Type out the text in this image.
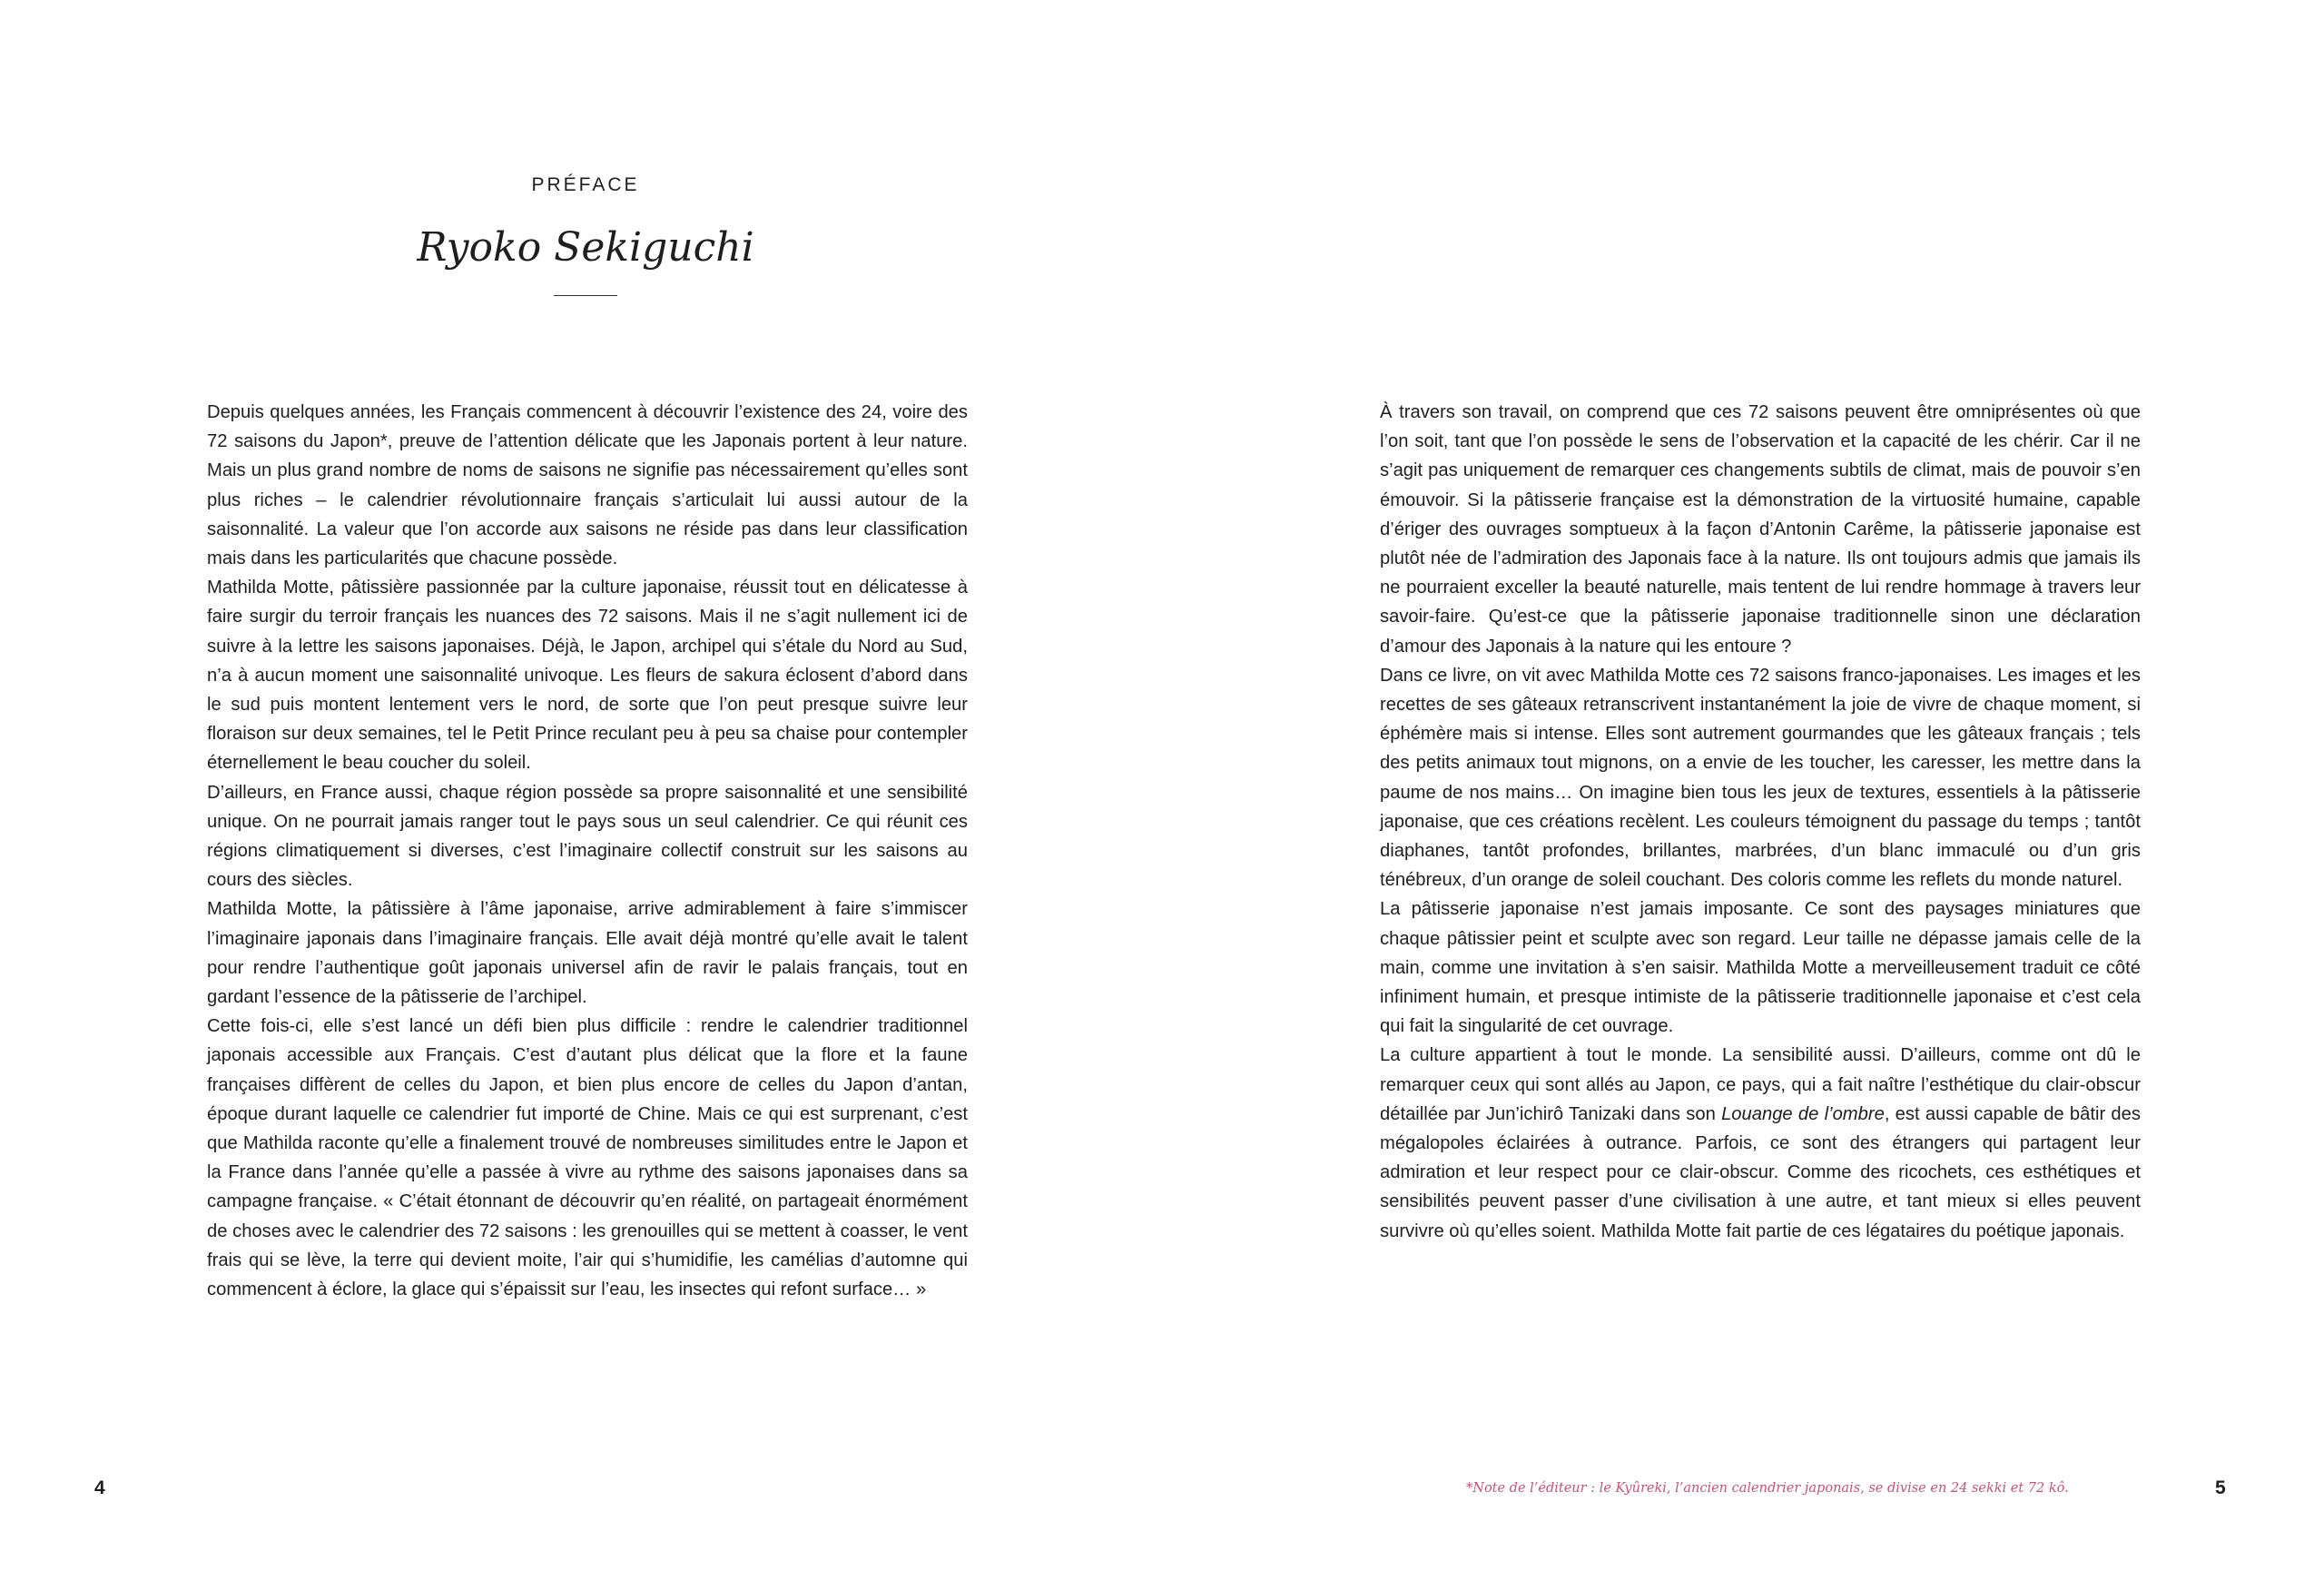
PRÉFACE
Ryoko Sekiguchi

Depuis quelques années, les Français commencent à découvrir l’existence des 24, voire des 72 saisons du Japon*, preuve de l’attention délicate que les Japonais portent à leur nature. Mais un plus grand nombre de noms de saisons ne signifie pas nécessairement qu’elles sont plus riches – le calendrier révolutionnaire français s’articulait lui aussi autour de la saisonnalité. La valeur que l’on accorde aux saisons ne réside pas dans leur classification mais dans les particularités que chacune possède.

Mathilda Motte, pâtissière passionnée par la culture japonaise, réussit tout en délicatesse à faire surgir du terroir français les nuances des 72 saisons. Mais il ne s’agit nullement ici de suivre à la lettre les saisons japonaises. Déjà, le Japon, archipel qui s’étale du Nord au Sud, n’a à aucun moment une saisonnalité univoque. Les fleurs de sakura éclosent d’abord dans le sud puis montent lentement vers le nord, de sorte que l’on peut presque suivre leur floraison sur deux semaines, tel le Petit Prince reculant peu à peu sa chaise pour contempler éternellement le beau coucher du soleil.

D’ailleurs, en France aussi, chaque région possède sa propre saisonnalité et une sensibilité unique. On ne pourrait jamais ranger tout le pays sous un seul calendrier. Ce qui réunit ces régions climatiquement si diverses, c’est l’imaginaire collectif construit sur les saisons au cours des siècles.

Mathilda Motte, la pâtissière à l’âme japonaise, arrive admirablement à faire s’immiscer l’imaginaire japonais dans l’imaginaire français. Elle avait déjà montré qu’elle avait le talent pour rendre l’authentique goût japonais universel afin de ravir le palais français, tout en gardant l’essence de la pâtisserie de l’archipel.

Cette fois-ci, elle s’est lancé un défi bien plus difficile : rendre le calendrier traditionnel japonais accessible aux Français. C’est d’autant plus délicat que la flore et la faune françaises diffèrent de celles du Japon, et bien plus encore de celles du Japon d’antan, époque durant laquelle ce calendrier fut importé de Chine. Mais ce qui est surprenant, c’est que Mathilda raconte qu’elle a finalement trouvé de nombreuses similitudes entre le Japon et la France dans l’année qu’elle a passée à vivre au rythme des saisons japonaises dans sa campagne française. « C’était étonnant de découvrir qu’en réalité, on partageait énormément de choses avec le calendrier des 72 saisons : les grenouilles qui se mettent à coasser, le vent frais qui se lève, la terre qui devient moite, l’air qui s’humidifie, les camélias d’automne qui commencent à éclore, la glace qui s’épaissit sur l’eau, les insectes qui refont surface… »

4

À travers son travail, on comprend que ces 72 saisons peuvent être omniprésentes où que l’on soit, tant que l’on possède le sens de l’observation et la capacité de les chérir. Car il ne s’agit pas uniquement de remarquer ces changements subtils de climat, mais de pouvoir s’en émouvoir. Si la pâtisserie française est la démonstration de la virtuosité humaine, capable d’ériger des ouvrages somptueux à la façon d’Antonin Carême, la pâtisserie japonaise est plutôt née de l’admiration des Japonais face à la nature. Ils ont toujours admis que jamais ils ne pourraient exceller la beauté naturelle, mais tentent de lui rendre hommage à travers leur savoir-faire. Qu’est-ce que la pâtisserie japonaise traditionnelle sinon une déclaration d’amour des Japonais à la nature qui les entoure ?

Dans ce livre, on vit avec Mathilda Motte ces 72 saisons franco-japonaises. Les images et les recettes de ses gâteaux retranscrivent instantanément la joie de vivre de chaque moment, si éphémère mais si intense. Elles sont autrement gourmandes que les gâteaux français ; tels des petits animaux tout mignons, on a envie de les toucher, les caresser, les mettre dans la paume de nos mains… On imagine bien tous les jeux de textures, essentiels à la pâtisserie japonaise, que ces créations recèlent. Les couleurs témoignent du passage du temps ; tantôt diaphanes, tantôt profondes, brillantes, marbrées, d’un blanc immaculé ou d’un gris ténébreux, d’un orange de soleil couchant. Des coloris comme les reflets du monde naturel.

La pâtisserie japonaise n’est jamais imposante. Ce sont des paysages miniatures que chaque pâtissier peint et sculpte avec son regard. Leur taille ne dépasse jamais celle de la main, comme une invitation à s’en saisir. Mathilda Motte a merveilleusement traduit ce côté infiniment humain, et presque intimiste de la pâtisserie traditionnelle japonaise et c’est cela qui fait la singularité de cet ouvrage.

La culture appartient à tout le monde. La sensibilité aussi. D’ailleurs, comme ont dû le remarquer ceux qui sont allés au Japon, ce pays, qui a fait naître l’esthétique du clair-obscur détaillée par Jun’ichirô Tanizaki dans son Louange de l’ombre, est aussi capable de bâtir des mégalopoles éclairées à outrance. Parfois, ce sont des étrangers qui partagent leur admiration et leur respect pour ce clair-obscur. Comme des ricochets, ces esthétiques et sensibilités peuvent passer d’une civilisation à une autre, et tant mieux si elles peuvent survivre où qu’elles soient. Mathilda Motte fait partie de ces légataires du poétique japonais.

*Note de l’éditeur : le Kyûreki, l’ancien calendrier japonais, se divise en 24 sekki et 72 kô.	5
